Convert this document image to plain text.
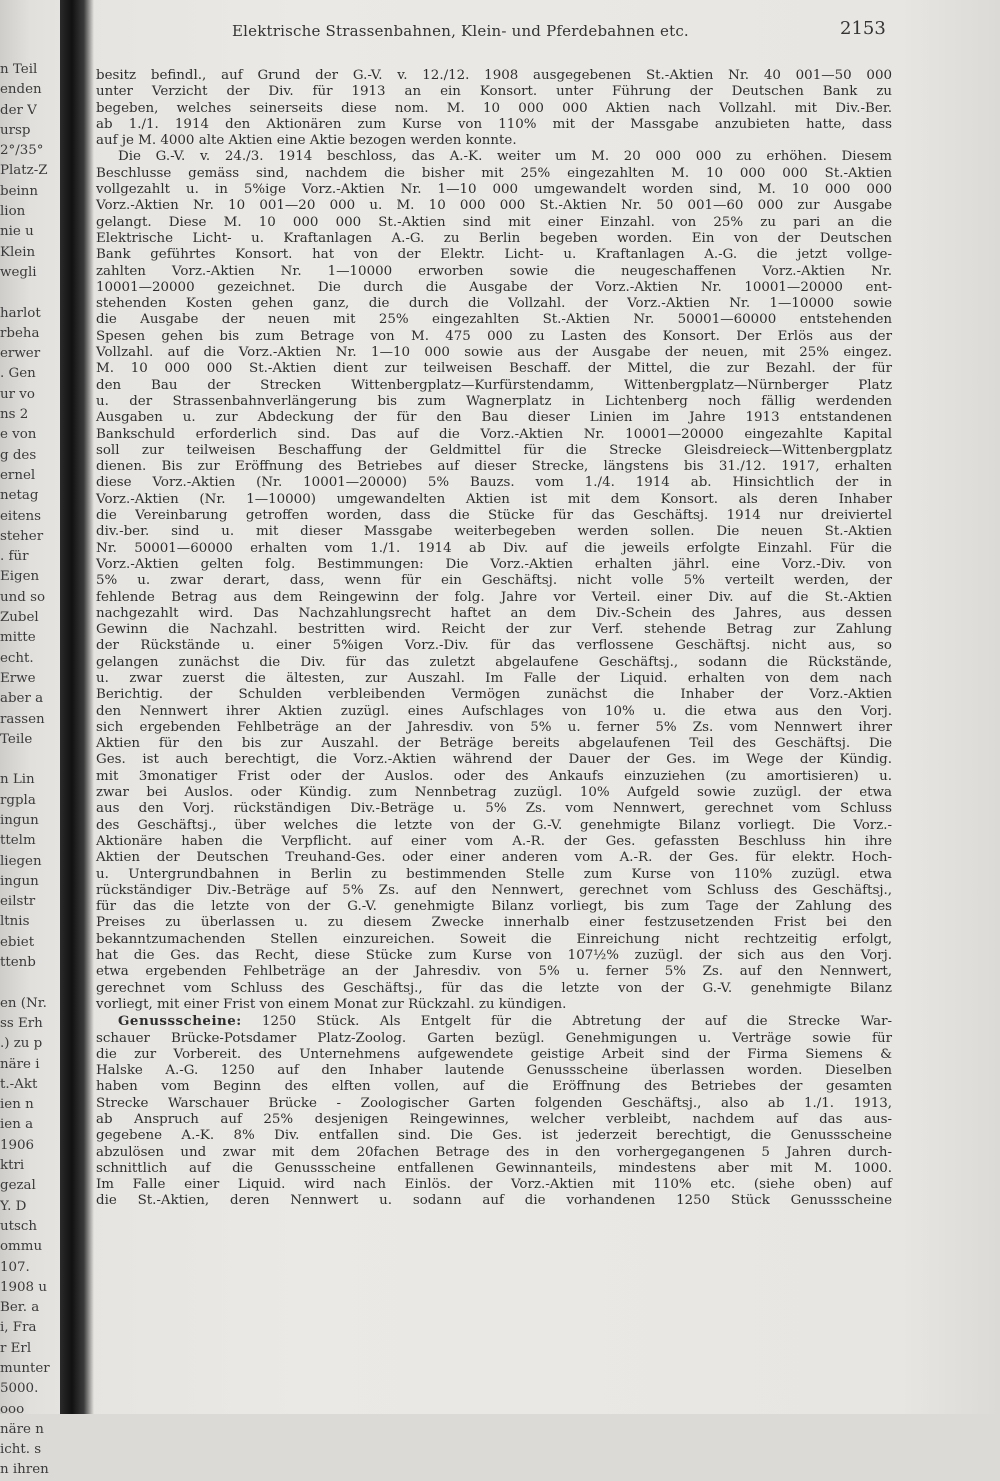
n Teil
enden
der V
ursp
2°/35°
Platz-Z
beinn
lion
nie u
Klein
wegli
harlot
rbeha
erwer
. Gen
ur vo
ns 2
e von
g des
ernel
netag
eitens
steher
. für
Eigen
und so
Zubel
mitte
echt.
Erwe
aber a
rassen
Teile
n Lin
rgpla
ingun
ttelm
liegen
ingun
eilstr
ltnis
ebiet
ttenb
en (Nr.
ss Erh
.) zu p
näre i
t.-Akt
ien n
ien a
1906
ktri
gezal
Y. D
utsch
ommu
107.
1908 u
Ber. a
i, Fra
r Erl
munter
5000.
ooo
näre n
icht. s
n ihren
Elektrische Strassenbahnen, Klein- und Pferdebahnen etc.	2153
besitz befindl., auf Grund der G.-V. v. 12./12. 1908 ausgegebenen St.-Aktien Nr. 40 001—50 000
unter Verzicht der Div. für 1913 an ein Konsort. unter Führung der Deutschen Bank zu
begeben, welches seinerseits diese nom. M. 10 000 000 Aktien nach Vollzahl. mit Div.-Ber.
ab 1./1. 1914 den Aktionären zum Kurse von 110% mit der Massgabe anzubieten hatte, dass
auf je M. 4000 alte Aktien eine Aktie bezogen werden konnte.
Die G.-V. v. 24./3. 1914 beschloss, das A.-K. weiter um M. 20 000 000 zu erhöhen. Diesem
Beschlusse gemäss sind, nachdem die bisher mit 25% eingezahlten M. 10 000 000 St.-Aktien
vollgezahlt u. in 5%ige Vorz.-Aktien Nr. 1—10 000 umgewandelt worden sind, M. 10 000 000
Vorz.-Aktien Nr. 10 001—20 000 u. M. 10 000 000 St.-Aktien Nr. 50 001—60 000 zur Ausgabe
gelangt. Diese M. 10 000 000 St.-Aktien sind mit einer Einzahl. von 25% zu pari an die
Elektrische Licht- u. Kraftanlagen A.-G. zu Berlin begeben worden. Ein von der Deutschen
Bank geführtes Konsort. hat von der Elektr. Licht- u. Kraftanlagen A.-G. die jetzt vollge-
zahlten Vorz.-Aktien Nr. 1—10000 erworben sowie die neugeschaffenen Vorz.-Aktien Nr.
10001—20000 gezeichnet. Die durch die Ausgabe der Vorz.-Aktien Nr. 10001—20000 ent-
stehenden Kosten gehen ganz, die durch die Vollzahl. der Vorz.-Aktien Nr. 1—10000 sowie
die Ausgabe der neuen mit 25% eingezahlten St.-Aktien Nr. 50001—60000 entstehenden
Spesen gehen bis zum Betrage von M. 475 000 zu Lasten des Konsort. Der Erlös aus der
Vollzahl. auf die Vorz.-Aktien Nr. 1—10 000 sowie aus der Ausgabe der neuen, mit 25% eingez.
M. 10 000 000 St.-Aktien dient zur teilweisen Beschaff. der Mittel, die zur Bezahl. der für
den Bau der Strecken Wittenbergplatz—Kurfürstendamm, Wittenbergplatz—Nürnberger Platz
u. der Strassenbahnverlängerung bis zum Wagnerplatz in Lichtenberg noch fällig werdenden
Ausgaben u. zur Abdeckung der für den Bau dieser Linien im Jahre 1913 entstandenen
Bankschuld erforderlich sind. Das auf die Vorz.-Aktien Nr. 10001—20000 eingezahlte Kapital
soll zur teilweisen Beschaffung der Geldmittel für die Strecke Gleisdreieck—Wittenbergplatz
dienen. Bis zur Eröffnung des Betriebes auf dieser Strecke, längstens bis 31./12. 1917, erhalten
diese Vorz.-Aktien (Nr. 10001—20000) 5% Bauzs. vom 1./4. 1914 ab. Hinsichtlich der in
Vorz.-Aktien (Nr. 1—10000) umgewandelten Aktien ist mit dem Konsort. als deren Inhaber
die Vereinbarung getroffen worden, dass die Stücke für das Geschäftsj. 1914 nur dreiviertel
div.-ber. sind u. mit dieser Massgabe weiterbegeben werden sollen. Die neuen St.-Aktien
Nr. 50001—60000 erhalten vom 1./1. 1914 ab Div. auf die jeweils erfolgte Einzahl. Für die
Vorz.-Aktien gelten folg. Bestimmungen: Die Vorz.-Aktien erhalten jährl. eine Vorz.-Div. von
5% u. zwar derart, dass, wenn für ein Geschäftsj. nicht volle 5% verteilt werden, der
fehlende Betrag aus dem Reingewinn der folg. Jahre vor Verteil. einer Div. auf die St.-Aktien
nachgezahlt wird. Das Nachzahlungsrecht haftet an dem Div.-Schein des Jahres, aus dessen
Gewinn die Nachzahl. bestritten wird. Reicht der zur Verf. stehende Betrag zur Zahlung
der Rückstände u. einer 5%igen Vorz.-Div. für das verflossene Geschäftsj. nicht aus, so
gelangen zunächst die Div. für das zuletzt abgelaufene Geschäftsj., sodann die Rückstände,
u. zwar zuerst die ältesten, zur Auszahl. Im Falle der Liquid. erhalten von dem nach
Berichtig. der Schulden verbleibenden Vermögen zunächst die Inhaber der Vorz.-Aktien
den Nennwert ihrer Aktien zuzügl. eines Aufschlages von 10% u. die etwa aus den Vorj.
sich ergebenden Fehlbeträge an der Jahresdiv. von 5% u. ferner 5% Zs. vom Nennwert ihrer
Aktien für den bis zur Auszahl. der Beträge bereits abgelaufenen Teil des Geschäftsj. Die
Ges. ist auch berechtigt, die Vorz.-Aktien während der Dauer der Ges. im Wege der Kündig.
mit 3monatiger Frist oder der Auslos. oder des Ankaufs einzuziehen (zu amortisieren) u.
zwar bei Auslos. oder Kündig. zum Nennbetrag zuzügl. 10% Aufgeld sowie zuzügl. der etwa
aus den Vorj. rückständigen Div.-Beträge u. 5% Zs. vom Nennwert, gerechnet vom Schluss
des Geschäftsj., über welches die letzte von der G.-V. genehmigte Bilanz vorliegt. Die Vorz.-
Aktionäre haben die Verpflicht. auf einer vom A.-R. der Ges. gefassten Beschluss hin ihre
Aktien der Deutschen Treuhand-Ges. oder einer anderen vom A.-R. der Ges. für elektr. Hoch-
u. Untergrundbahnen in Berlin zu bestimmenden Stelle zum Kurse von 110% zuzügl. etwa
rückständiger Div.-Beträge auf 5% Zs. auf den Nennwert, gerechnet vom Schluss des Geschäftsj.,
für das die letzte von der G.-V. genehmigte Bilanz vorliegt, bis zum Tage der Zahlung des
Preises zu überlassen u. zu diesem Zwecke innerhalb einer festzusetzenden Frist bei den
bekanntzumachenden Stellen einzureichen. Soweit die Einreichung nicht rechtzeitig erfolgt,
hat die Ges. das Recht, diese Stücke zum Kurse von 107½% zuzügl. der sich aus den Vorj.
etwa ergebenden Fehlbeträge an der Jahresdiv. von 5% u. ferner 5% Zs. auf den Nennwert,
gerechnet vom Schluss des Geschäftsj., für das die letzte von der G.-V. genehmigte Bilanz
vorliegt, mit einer Frist von einem Monat zur Rückzahl. zu kündigen.
Genussscheine: 1250 Stück. Als Entgelt für die Abtretung der auf die Strecke War-
schauer Brücke-Potsdamer Platz-Zoolog. Garten bezügl. Genehmigungen u. Verträge sowie für
die zur Vorbereit. des Unternehmens aufgewendete geistige Arbeit sind der Firma Siemens &
Halske A.-G. 1250 auf den Inhaber lautende Genussscheine überlassen worden. Dieselben
haben vom Beginn des elften vollen, auf die Eröffnung des Betriebes der gesamten
Strecke Warschauer Brücke - Zoologischer Garten folgenden Geschäftsj., also ab 1./1. 1913,
ab Anspruch auf 25% desjenigen Reingewinnes, welcher verbleibt, nachdem auf das aus-
gegebene A.-K. 8% Div. entfallen sind. Die Ges. ist jederzeit berechtigt, die Genussscheine
abzulösen und zwar mit dem 20fachen Betrage des in den vorhergegangenen 5 Jahren durch-
schnittlich auf die Genussscheine entfallenen Gewinnanteils, mindestens aber mit M. 1000.
Im Falle einer Liquid. wird nach Einlös. der Vorz.-Aktien mit 110% etc. (siehe oben) auf
die St.-Aktien, deren Nennwert u. sodann auf die vorhandenen 1250 Stück Genussscheine
